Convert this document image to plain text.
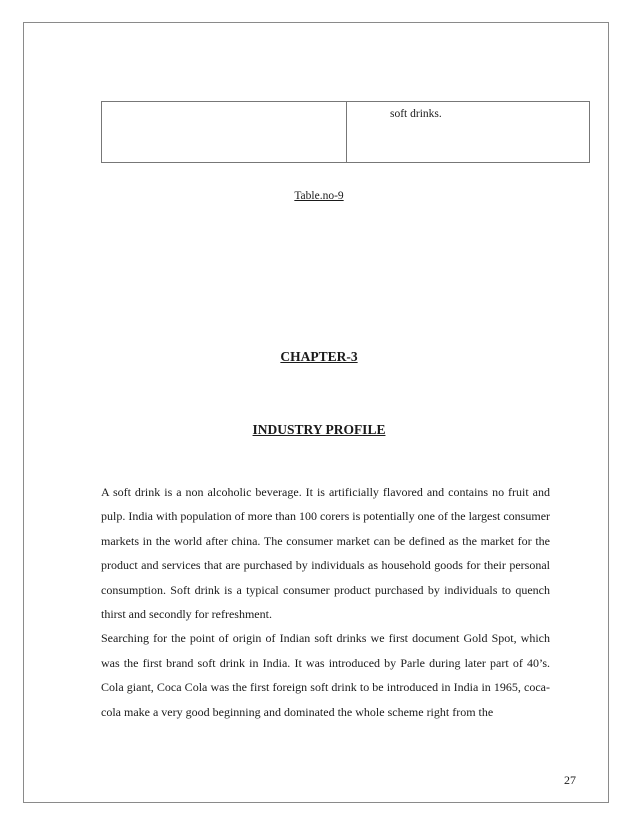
	soft drinks.
Table.no-9
CHAPTER-3
INDUSTRY PROFILE

A soft drink is a non alcoholic beverage. It is artificially flavored and contains no fruit and pulp. India with population of more than 100 corers is potentially one of the largest consumer markets in the world after china. The consumer market can be defined as the market for the product and services that are purchased by individuals as household goods for their personal consumption. Soft drink is a typical consumer product purchased by individuals to quench thirst and secondly for refreshment.

Searching for the point of origin of Indian soft drinks we first document Gold Spot, which was the first brand soft drink in India. It was introduced by Parle during later part of 40’s. Cola giant, Coca Cola was the first foreign soft drink to be introduced in India in 1965, coca-cola make a very good beginning and dominated the whole scheme right from the

27
